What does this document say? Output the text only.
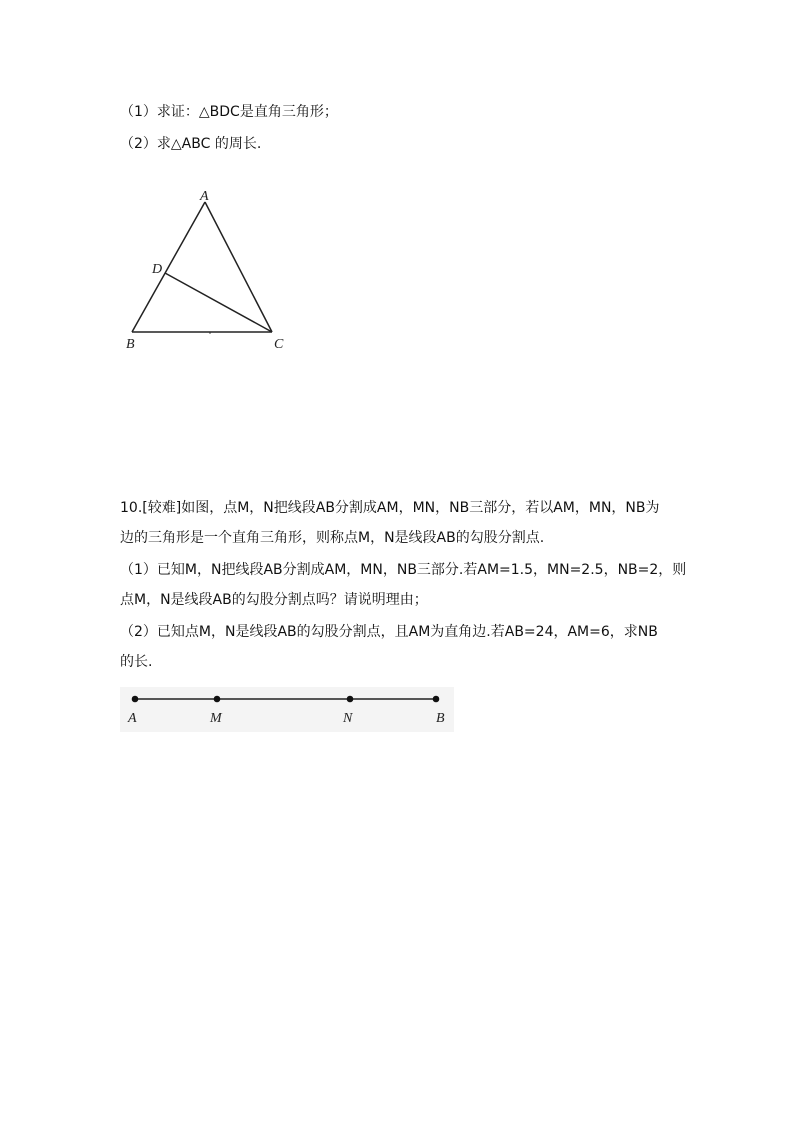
（1）求证：△BDC是直角三角形；
（2）求△ABC 的周长.
A
D
B	C
10.[较难]如图，点M，N把线段AB分割成AM，MN，NB三部分，若以AM，MN，NB为
边的三角形是一个直角三角形，则称点M，N是线段AB的勾股分割点.
（1）已知M，N把线段AB分割成AM，MN，NB三部分.若AM=1.5，MN=2.5，NB=2，则
点M，N是线段AB的勾股分割点吗？请说明理由；
（2）已知点M，N是线段AB的勾股分割点，且AM为直角边.若AB=24，AM=6，求NB
的长.
A	M	N	B
